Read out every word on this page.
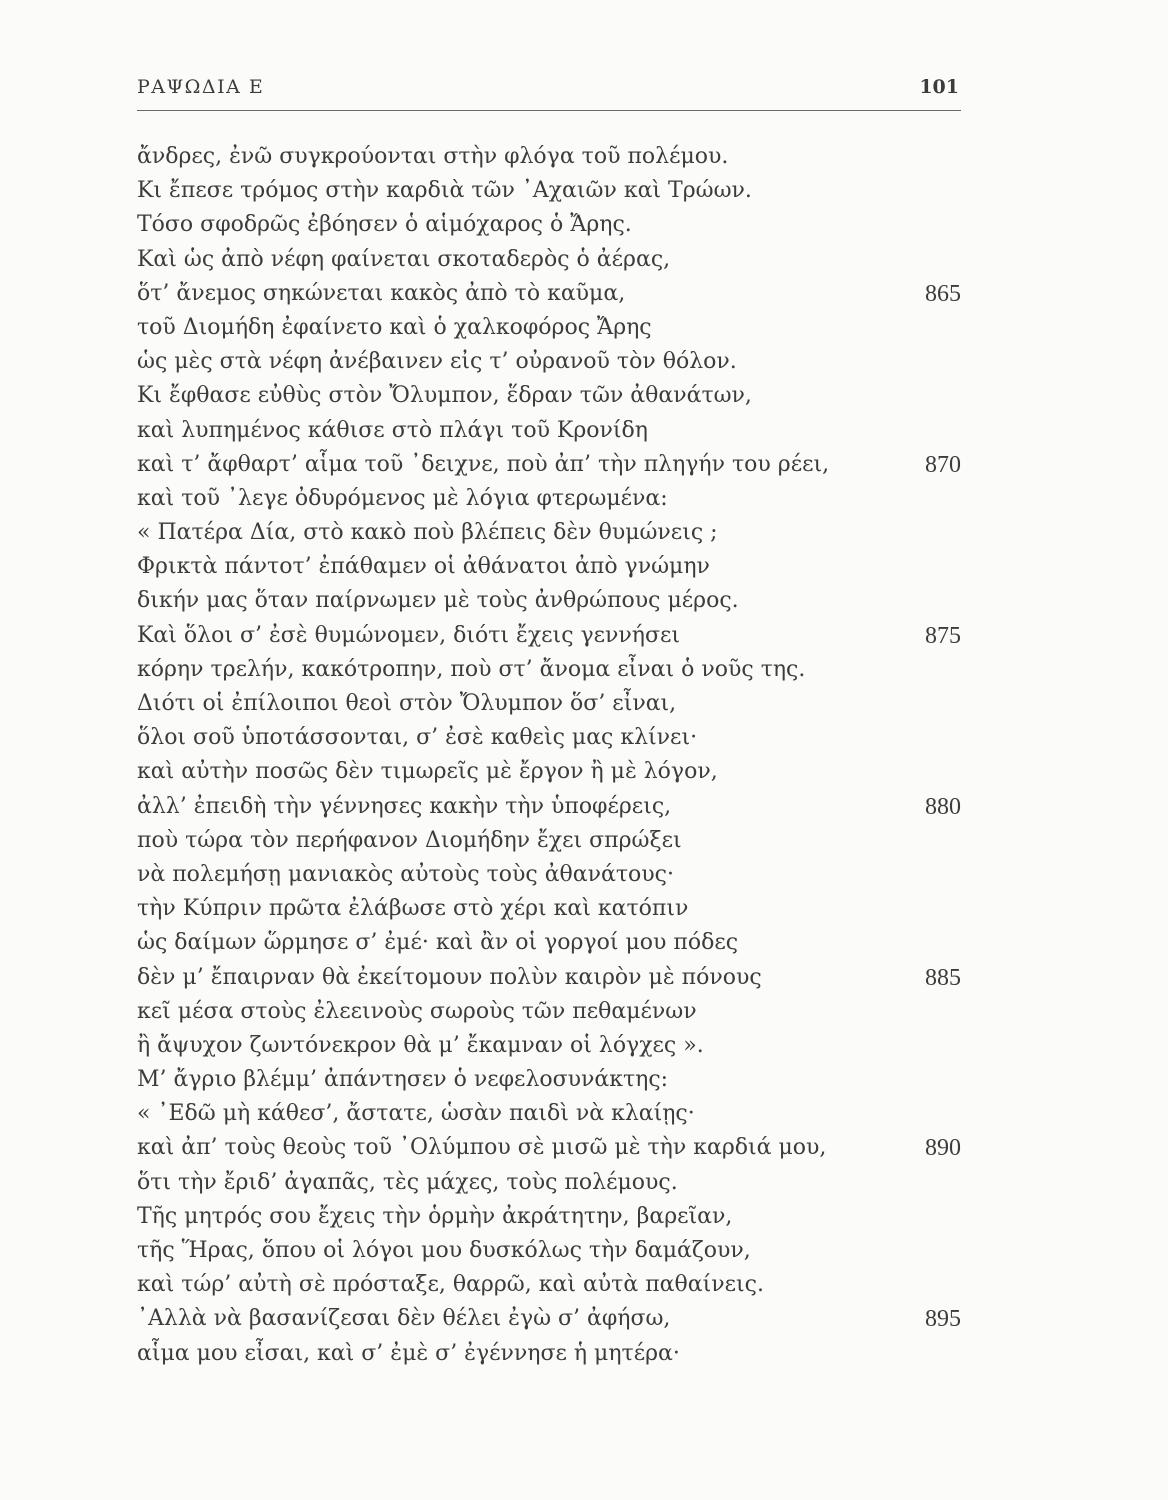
ΡΑΨΩΔΙΑ Ε	101
ἄνδρες, ἐνῶ συγκρούονται στὴν φλόγα τοῦ πολέμου.
Κι ἔπεσε τρόμος στὴν καρδιὰ τῶν ᾿Αχαιῶν καὶ Τρώων.
Τόσο σφοδρῶς ἐβόησεν ὁ αἱμόχαρος ὁ Ἄρης.
Καὶ ὡς ἀπὸ νέφη φαίνεται σκοταδερὸς ὁ ἀέρας,
ὅτ’ ἄνεμος σηκώνεται κακὸς ἀπὸ τὸ καῦμα,	865
τοῦ Διομήδη ἐφαίνετο καὶ ὁ χαλκοφόρος Ἄρης
ὡς μὲς στὰ νέφη ἀνέβαινεν εἰς τ’ οὐρανοῦ τὸν θόλον.
Κι ἔφθασε εὐθὺς στὸν Ὄλυμπον, ἕδραν τῶν ἀθανάτων,
καὶ λυπημένος κάθισε στὸ πλάγι τοῦ Κρονίδη
καὶ τ’ ἄφθαρτ’ αἷμα τοῦ ᾿δειχνε, ποὺ ἀπ’ τὴν πληγήν του ρέει,	870
καὶ τοῦ ᾿λεγε ὀδυρόμενος μὲ λόγια φτερωμένα:
« Πατέρα Δία, στὸ κακὸ ποὺ βλέπεις δὲν θυμώνεις ;
Φρικτὰ πάντοτ’ ἐπάθαμεν οἱ ἀθάνατοι ἀπὸ γνώμην
δικήν μας ὅταν παίρνωμεν μὲ τοὺς ἀνθρώπους μέρος.
Καὶ ὅλοι σ’ ἐσὲ θυμώνομεν, διότι ἔχεις γεννήσει	875
κόρην τρελήν, κακότροπην, ποὺ στ’ ἄνομα εἶναι ὁ νοῦς της.
Διότι οἱ ἐπίλοιποι θεοὶ στὸν Ὄλυμπον ὅσ’ εἶναι,
ὅλοι σοῦ ὑποτάσσονται, σ’ ἐσὲ καθεὶς μας κλίνει·
καὶ αὐτὴν ποσῶς δὲν τιμωρεῖς μὲ ἔργον ἢ μὲ λόγον,
ἀλλ’ ἐπειδὴ τὴν γέννησες κακὴν τὴν ὑποφέρεις,	880
ποὺ τώρα τὸν περήφανον Διομήδην ἔχει σπρώξει
νὰ πολεμήσῃ μανιακὸς αὐτοὺς τοὺς ἀθανάτους·
τὴν Κύπριν πρῶτα ἐλάβωσε στὸ χέρι καὶ κατόπιν
ὡς δαίμων ὥρμησε σ’ ἐμέ· καὶ ἂν οἱ γοργοί μου πόδες
δὲν μ’ ἔπαιρναν θὰ ἐκείτομουν πολὺν καιρὸν μὲ πόνους	885
κεῖ μέσα στοὺς ἐλεεινοὺς σωροὺς τῶν πεθαμένων
ἢ ἄψυχον ζωντόνεκρον θὰ μ’ ἔκαμναν οἱ λόγχες ».
Μ’ ἄγριο βλέμμ’ ἀπάντησεν ὁ νεφελοσυνάκτης:
« ᾿Εδῶ μὴ κάθεσ’, ἄστατε, ὡσὰν παιδὶ νὰ κλαίῃς·
καὶ ἀπ’ τοὺς θεοὺς τοῦ ᾿Ολύμπου σὲ μισῶ μὲ τὴν καρδιά μου,	890
ὅτι τὴν ἔριδ’ ἀγαπᾶς, τὲς μάχες, τοὺς πολέμους.
Τῆς μητρός σου ἔχεις τὴν ὁρμὴν ἀκράτητην, βαρεῖαν,
τῆς Ἥρας, ὅπου οἱ λόγοι μου δυσκόλως τὴν δαμάζουν,
καὶ τώρ’ αὐτὴ σὲ πρόσταξε, θαρρῶ, καὶ αὐτὰ παθαίνεις.
᾿Αλλὰ νὰ βασανίζεσαι δὲν θέλει ἐγὼ σ’ ἀφήσω,	895
αἷμα μου εἶσαι, καὶ σ’ ἐμὲ σ’ ἐγέννησε ἡ μητέρα·
